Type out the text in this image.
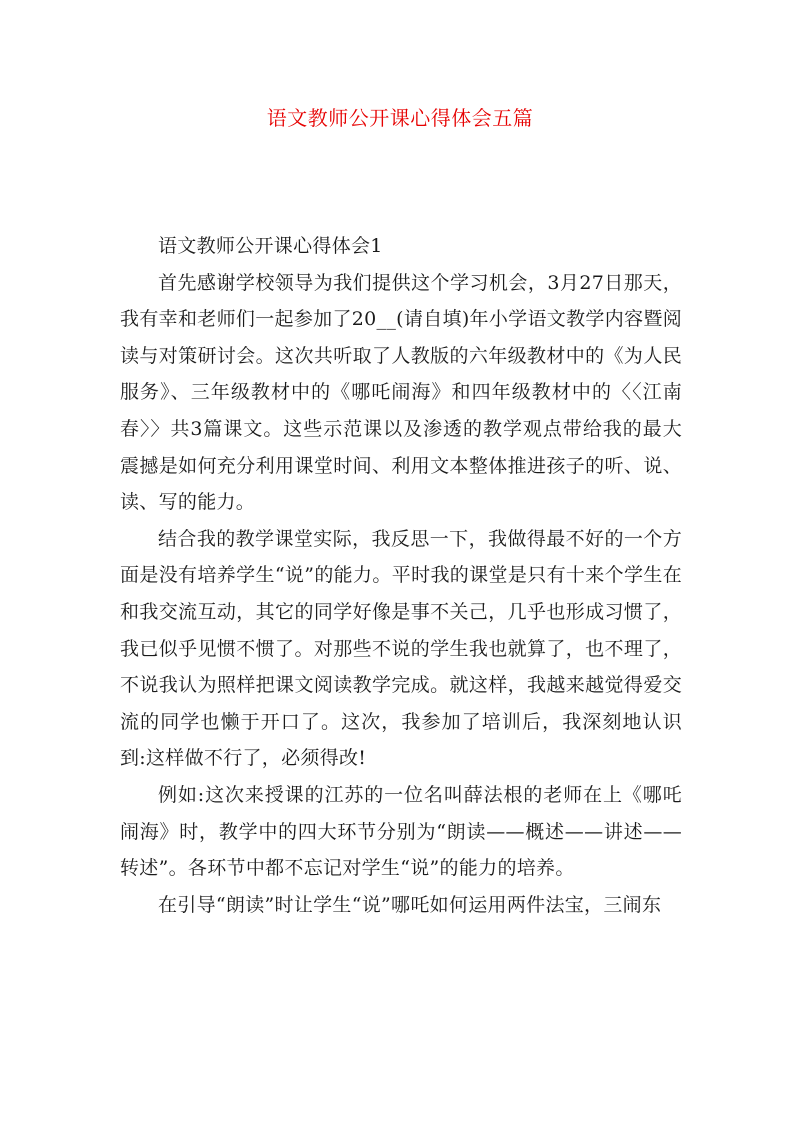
语文教师公开课心得体会五篇

语文教师公开课心得体会1

首先感谢学校领导为我们提供这个学习机会，3月27日那天，我有幸和老师们一起参加了20__(请自填)年小学语文教学内容暨阅读与对策研讨会。这次共听取了人教版的六年级教材中的《为人民服务》、三年级教材中的《哪吒闹海》和四年级教材中的〈〈江南春〉〉共3篇课文。这些示范课以及渗透的教学观点带给我的最大震撼是如何充分利用课堂时间、利用文本整体推进孩子的听、说、读、写的能力。

结合我的教学课堂实际，我反思一下，我做得最不好的一个方面是没有培养学生“说”的能力。平时我的课堂是只有十来个学生在和我交流互动，其它的同学好像是事不关己，几乎也形成习惯了，我已似乎见惯不惯了。对那些不说的学生我也就算了，也不理了，不说我认为照样把课文阅读教学完成。就这样，我越来越觉得爱交流的同学也懒于开口了。这次，我参加了培训后，我深刻地认识到:这样做不行了，必须得改!

例如:这次来授课的江苏的一位名叫薛法根的老师在上《哪吒闹海》时，教学中的四大环节分别为“朗读——概述——讲述——转述”。各环节中都不忘记对学生“说”的能力的培养。

在引导“朗读”时让学生“说”哪吒如何运用两件法宝，三闹东
